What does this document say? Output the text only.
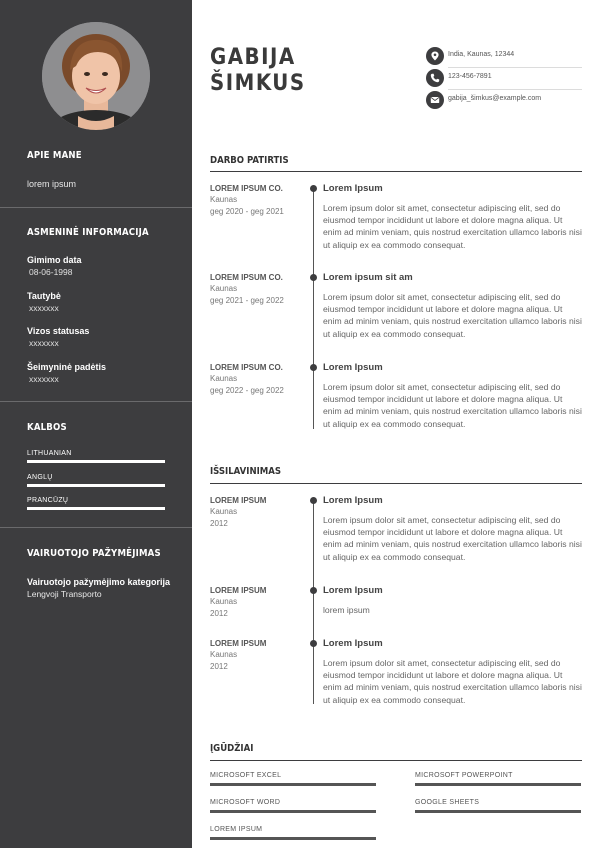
APIE MANE
lorem ipsum
ASMENINĖ INFORMACIJA
Gimimo data
08-06-1998
Tautybė
xxxxxxx
Vizos statusas
xxxxxxx
Šeimyninė padėtis
xxxxxxx
KALBOS
LITHUANIAN
ANGLŲ
PRANCŪZŲ
VAIRUOTOJO PAŽYMĖJIMAS
Vairuotojo pažymėjimo kategorija
Lengvoji Transporto
GABIJA
ŠIMKUS
India, Kaunas, 12344
123-456-7891
gabija_šimkus@example.com
DARBO PATIRTIS
LOREM IPSUM CO.
Kaunas
geg 2020 - geg 2021
Lorem Ipsum
Lorem ipsum dolor sit amet, consectetur adipiscing elit, sed do eiusmod tempor incididunt ut labore et dolore magna aliqua. Ut enim ad minim veniam, quis nostrud exercitation ullamco laboris nisi ut aliquip ex ea commodo consequat.
LOREM IPSUM CO.
Kaunas
geg 2021 - geg 2022
Lorem ipsum sit am
Lorem ipsum dolor sit amet, consectetur adipiscing elit, sed do eiusmod tempor incididunt ut labore et dolore magna aliqua. Ut enim ad minim veniam, quis nostrud exercitation ullamco laboris nisi ut aliquip ex ea commodo consequat.
LOREM IPSUM CO.
Kaunas
geg 2022 - geg 2022
Lorem Ipsum
Lorem ipsum dolor sit amet, consectetur adipiscing elit, sed do eiusmod tempor incididunt ut labore et dolore magna aliqua. Ut enim ad minim veniam, quis nostrud exercitation ullamco laboris nisi ut aliquip ex ea commodo consequat.
IŠSILAVINIMAS
LOREM IPSUM
Kaunas
2012
Lorem Ipsum
Lorem ipsum dolor sit amet, consectetur adipiscing elit, sed do eiusmod tempor incididunt ut labore et dolore magna aliqua. Ut enim ad minim veniam, quis nostrud exercitation ullamco laboris nisi ut aliquip ex ea commodo consequat.
LOREM IPSUM
Kaunas
2012
Lorem Ipsum
lorem ipsum
LOREM IPSUM
Kaunas
2012
Lorem Ipsum
Lorem ipsum dolor sit amet, consectetur adipiscing elit, sed do eiusmod tempor incididunt ut labore et dolore magna aliqua. Ut enim ad minim veniam, quis nostrud exercitation ullamco laboris nisi ut aliquip ex ea commodo consequat.
ĮGŪDŽIAI
MICROSOFT EXCEL	MICROSOFT POWERPOINT
MICROSOFT WORD	GOOGLE SHEETS
LOREM IPSUM
